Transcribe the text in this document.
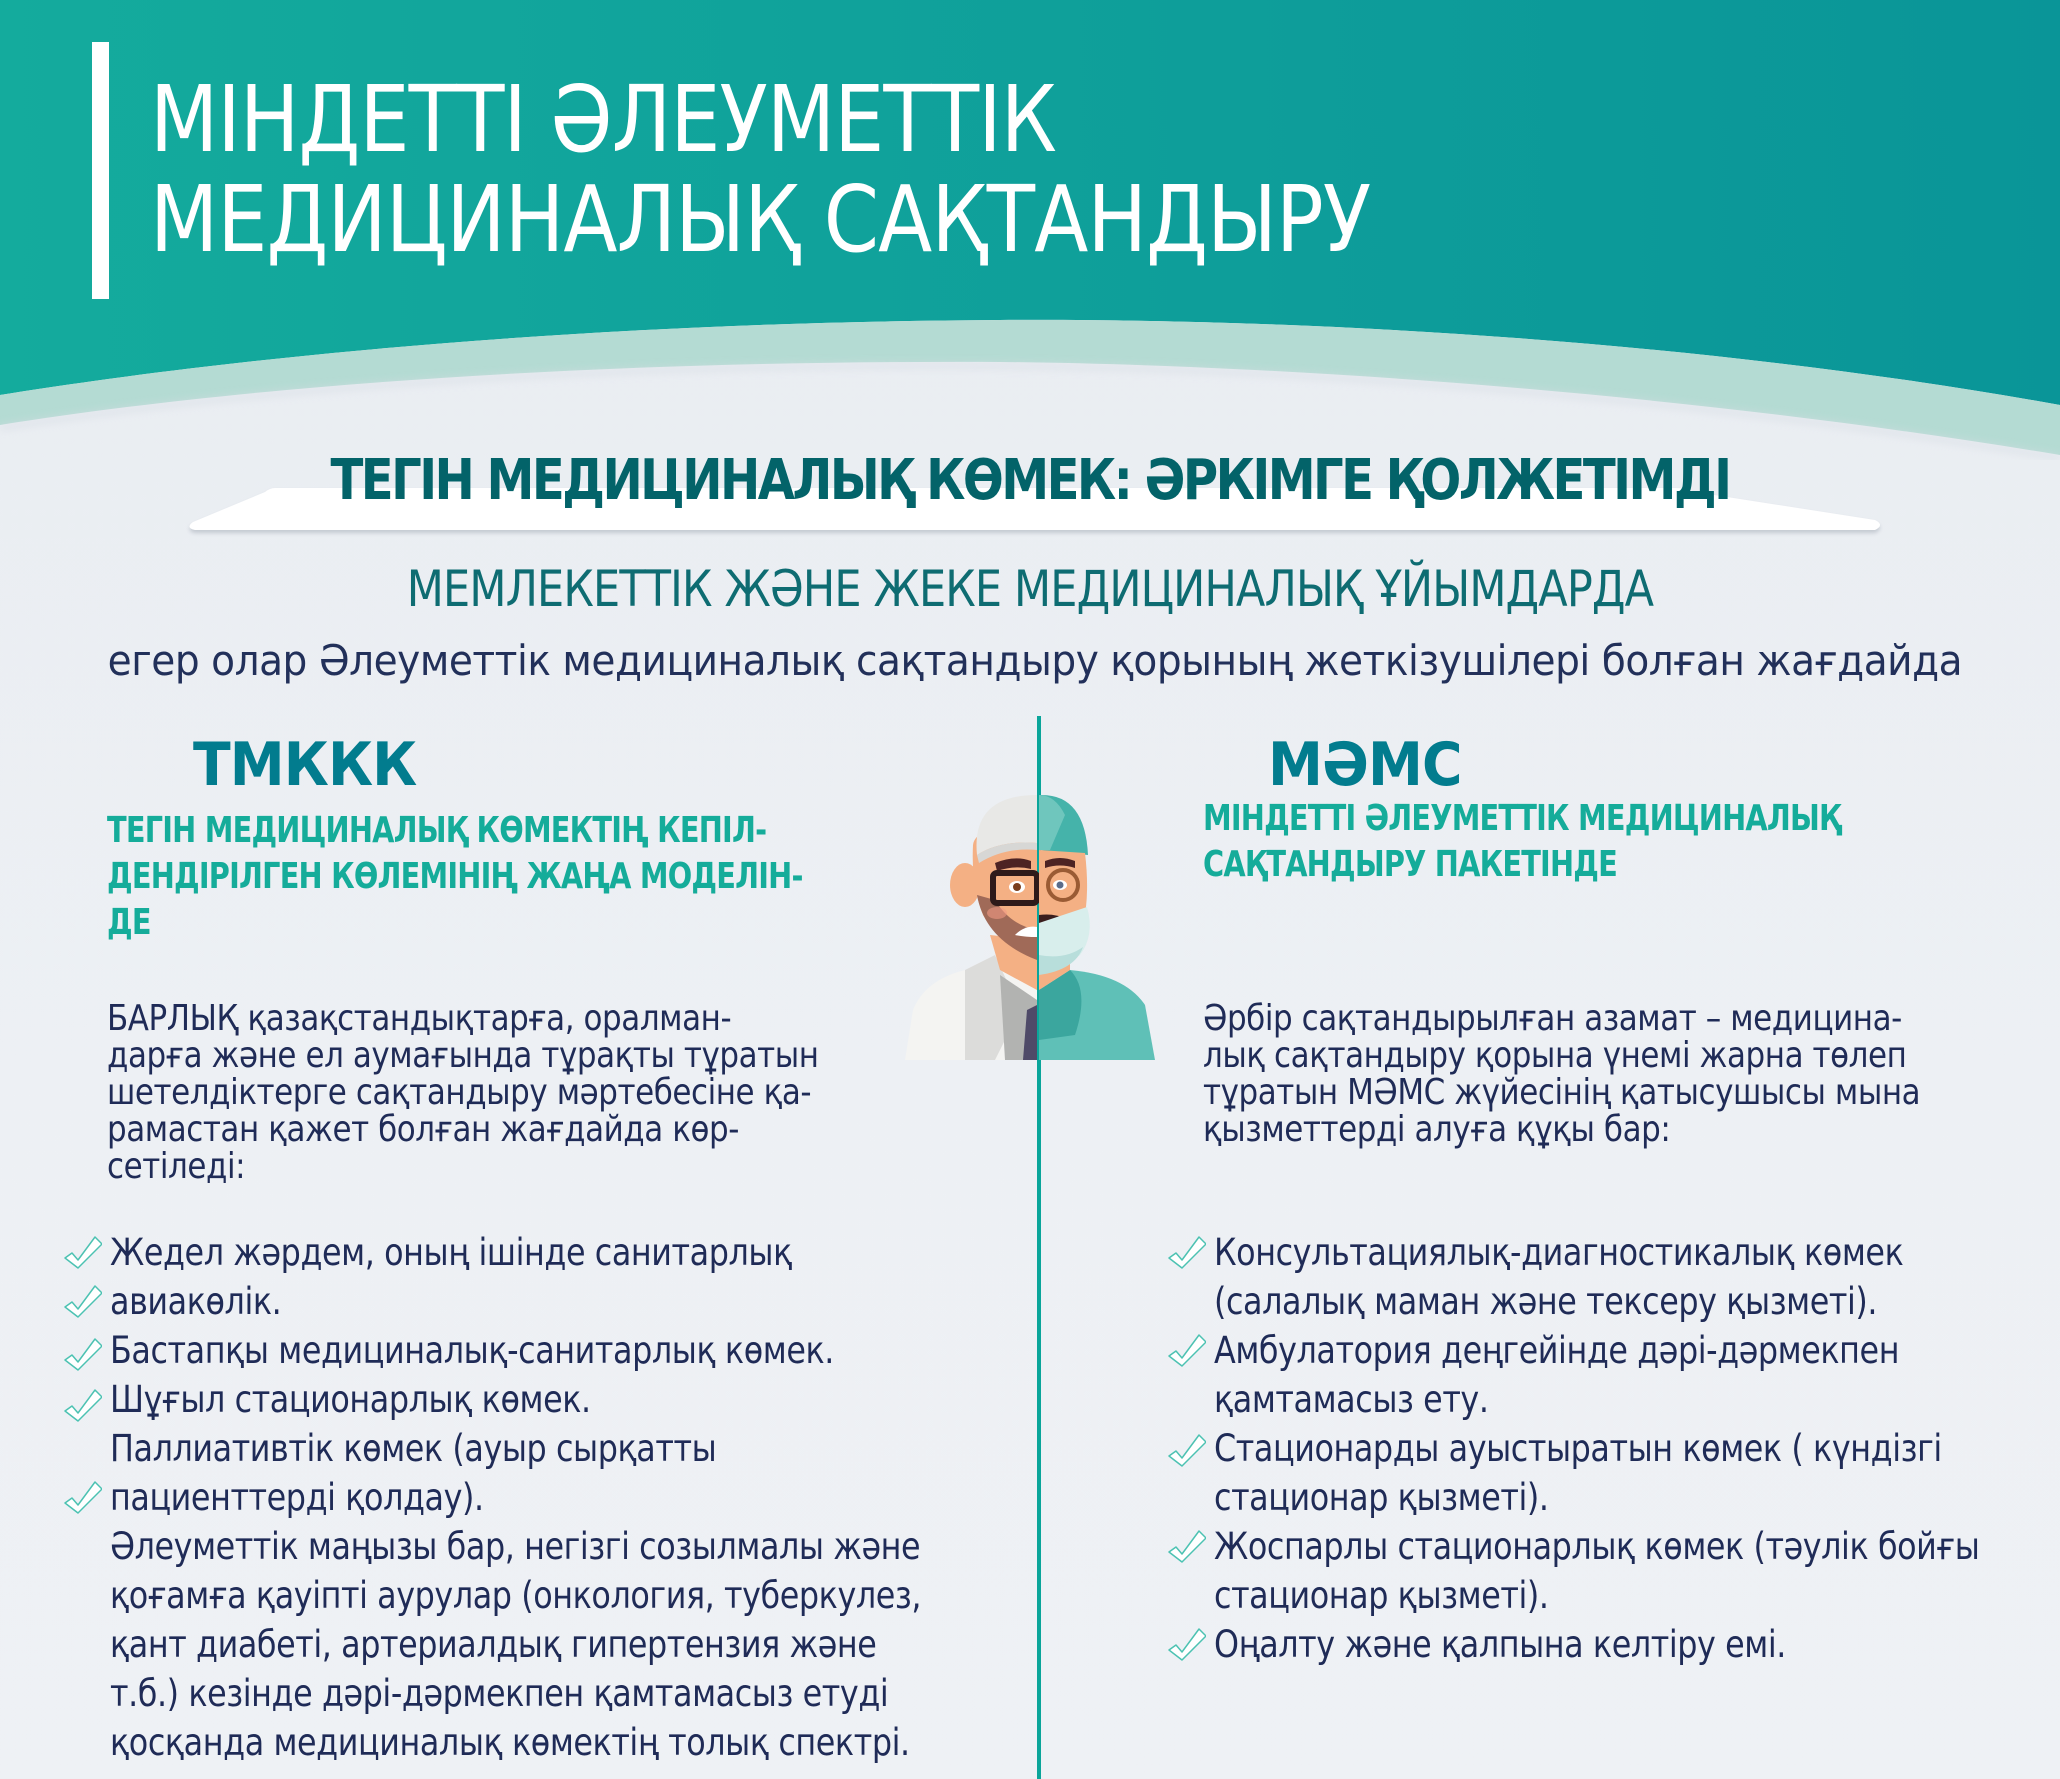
МІНДЕТТІ ӘЛЕУМЕТТІК
МЕДИЦИНАЛЫҚ САҚТАНДЫРУ
ТЕГІН МЕДИЦИНАЛЫҚ КӨМЕК: ӘРКІМГЕ ҚОЛЖЕТІМДІ
МЕМЛЕКЕТТІК ЖӘНЕ ЖЕКЕ МЕДИЦИНАЛЫҚ ҰЙЫМДАРДА
егер олар Әлеуметтік медициналық сақтандыру қорының жеткізушілері болған жағдайда
ТМККК
ТЕГІН МЕДИЦИНАЛЫҚ КӨМЕКТІҢ КЕПІЛ-
ДЕНДІРІЛГЕН КӨЛЕМІНІҢ ЖАҢА МОДЕЛІН-
ДЕ
БАРЛЫҚ қазақстандықтарға, оралман-
дарға және ел аумағында тұрақты тұратын
шетелдіктерге сақтандыру мәртебесіне қа-
рамастан қажет болған жағдайда көр-
сетіледі:
Жедел жәрдем, оның ішінде санитарлық
авиакөлік.
Бастапқы медициналық-санитарлық көмек.
Шұғыл стационарлық көмек.
Паллиативтік көмек (ауыр сырқатты
пациенттерді қолдау).
Әлеуметтік маңызы бар, негізгі созылмалы және
қоғамға қауіпті аурулар (онкология, туберкулез,
қант диабеті, артериалдық гипертензия және
т.б.) кезінде дәрі-дәрмекпен қамтамасыз етуді
қосқанда медициналық көмектің толық спектрі.
МӘМС
МІНДЕТТІ ӘЛЕУМЕТТІК МЕДИЦИНАЛЫҚ
САҚТАНДЫРУ ПАКЕТІНДЕ
Әрбір сақтандырылған азамат – медицина-
лық сақтандыру қорына үнемі жарна төлеп
тұратын МӘМС жүйесінің қатысушысы мына
қызметтерді алуға құқы бар:
Консультациялық-диагностикалық көмек
(салалық маман және тексеру қызметі).
Амбулатория деңгейінде дәрі-дәрмекпен
қамтамасыз ету.
Стационарды ауыстыратын көмек ( күндізгі
стационар қызметі).
Жоспарлы стационарлық көмек (тәулік бойғы
стационар қызметі).
Оңалту және қалпына келтіру емі.
